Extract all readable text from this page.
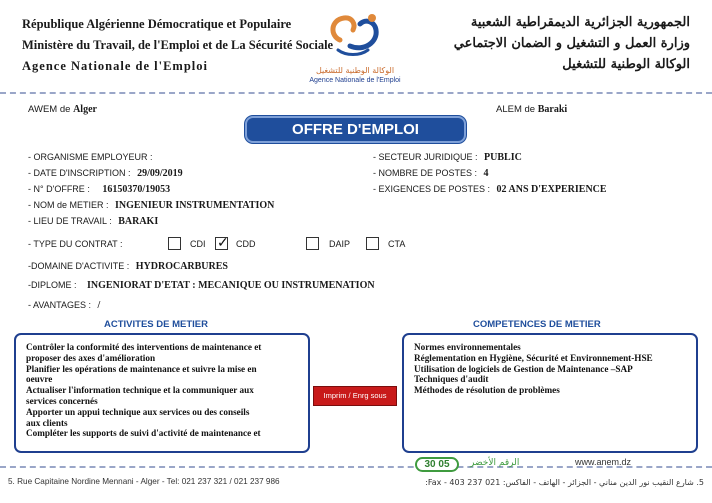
République Algérienne Démocratique et Populaire
Ministère du Travail, de l'Emploi et de La Sécurité Sociale
Agence Nationale de l'Emploi	الوكالة الوطنية للتشغيل
Agence Nationale de l'Emploi
الجمهورية الجزائرية الديمقراطية الشعبية
وزارة العمل و التشغيل و الضمان الاجتماعي
الوكالة الوطنية للتشغيل
AWEM de Alger	ALEM de Baraki
OFFRE D'EMPLOI
- ORGANISME EMPLOYEUR :
- DATE D'INSCRIPTION : 29/09/2019
- N° D'OFFRE : 16150370/19053
- NOM de METIER : INGENIEUR INSTRUMENTATION
- LIEU DE TRAVAIL : BARAKI
- SECTEUR JURIDIQUE : PUBLIC
- NOMBRE DE POSTES : 4
- EXIGENCES DE POSTES : 02 ANS D'EXPERIENCE
- TYPE DU CONTRAT :	CDI ✓ CDD	DAIP	CTA
-DOMAINE D'ACTIVITE : HYDROCARBURES
-DIPLOME : INGENIORAT D'ETAT : MECANIQUE OU INSTRUMENATION
- AVANTAGES : /
ACTIVITES DE METIER

Contrôler la conformité des interventions de maintenance et

proposer des axes d'amélioration

Planifier les opérations de maintenance et suivre la mise en

oeuvre

Actualiser l'information technique et la communiquer aux

services concernés

Apporter un appui technique aux services ou des conseils

aux clients

Compléter les supports de suivi d'activité de maintenance et

Imprim / Enrg sous
COMPETENCES DE METIER

Normes environnementales

Réglementation en Hygiène, Sécurité et Environnement-HSE

Utilisation de logiciels de Gestion de Maintenance –SAP

Techniques d'audit

Méthodes de résolution de problèmes

30 05	الرقم الأخضر	www.anem.dz
5. Rue Capitaine Nordine Mennani - Alger - Tel: 021 237 321 / 021 237 986	5. شارع النقيب نور الدين مناني - الجزائر - الهاتف - الفاكس: 021 237 403 - Fax:
